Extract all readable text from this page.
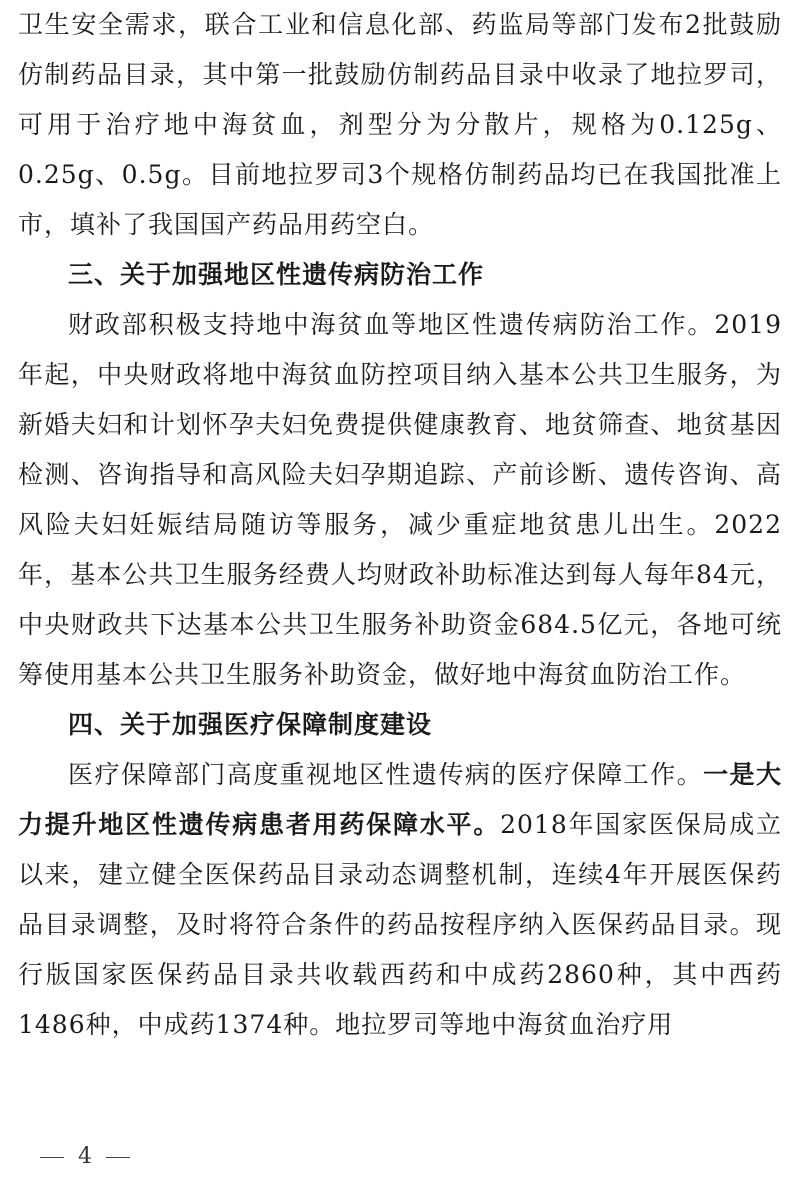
卫生安全需求，联合工业和信息化部、药监局等部门发布2批鼓励仿制药品目录，其中第一批鼓励仿制药品目录中收录了地拉罗司，可用于治疗地中海贫血，剂型分为分散片，规格为0.125g、0.25g、0.5g。目前地拉罗司3个规格仿制药品均已在我国批准上市，填补了我国国产药品用药空白。

三、关于加强地区性遗传病防治工作

财政部积极支持地中海贫血等地区性遗传病防治工作。2019年起，中央财政将地中海贫血防控项目纳入基本公共卫生服务，为新婚夫妇和计划怀孕夫妇免费提供健康教育、地贫筛查、地贫基因检测、咨询指导和高风险夫妇孕期追踪、产前诊断、遗传咨询、高风险夫妇妊娠结局随访等服务，减少重症地贫患儿出生。2022年，基本公共卫生服务经费人均财政补助标准达到每人每年84元，中央财政共下达基本公共卫生服务补助资金684.5亿元，各地可统筹使用基本公共卫生服务补助资金，做好地中海贫血防治工作。

四、关于加强医疗保障制度建设

医疗保障部门高度重视地区性遗传病的医疗保障工作。一是大力提升地区性遗传病患者用药保障水平。2018年国家医保局成立以来，建立健全医保药品目录动态调整机制，连续4年开展医保药品目录调整，及时将符合条件的药品按程序纳入医保药品目录。现行版国家医保药品目录共收载西药和中成药2860种，其中西药1486种，中成药1374种。地拉罗司等地中海贫血治疗用

4
